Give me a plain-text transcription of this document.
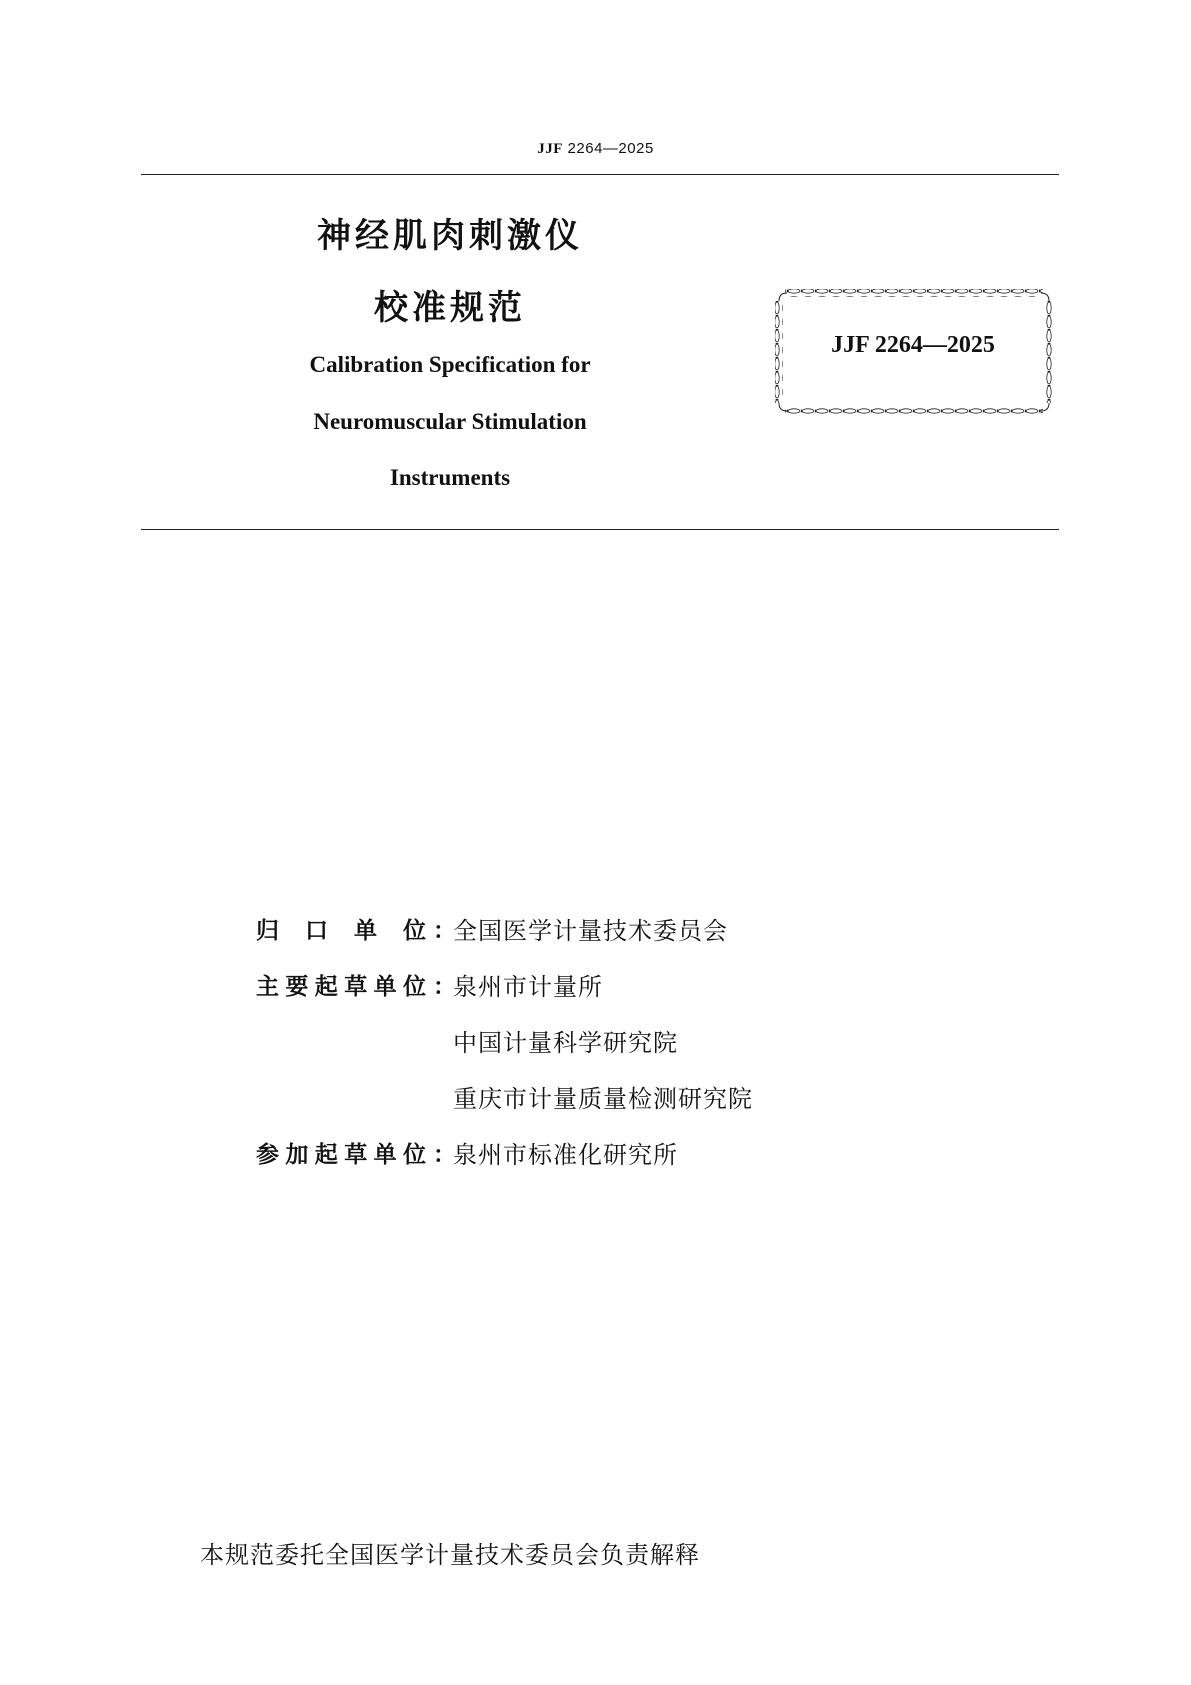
JJF 2264—2025
神经肌肉刺激仪
校准规范
Calibration Specification for
Neuromuscular Stimulation
Instruments
JJF 2264—2025
归口单位 ：
全国医学计量技术委员会
主要起草单位 ：
泉州市计量所
中国计量科学研究院
重庆市计量质量检测研究院
参加起草单位 ：
泉州市标准化研究所
本规范委托全国医学计量技术委员会负责解释
